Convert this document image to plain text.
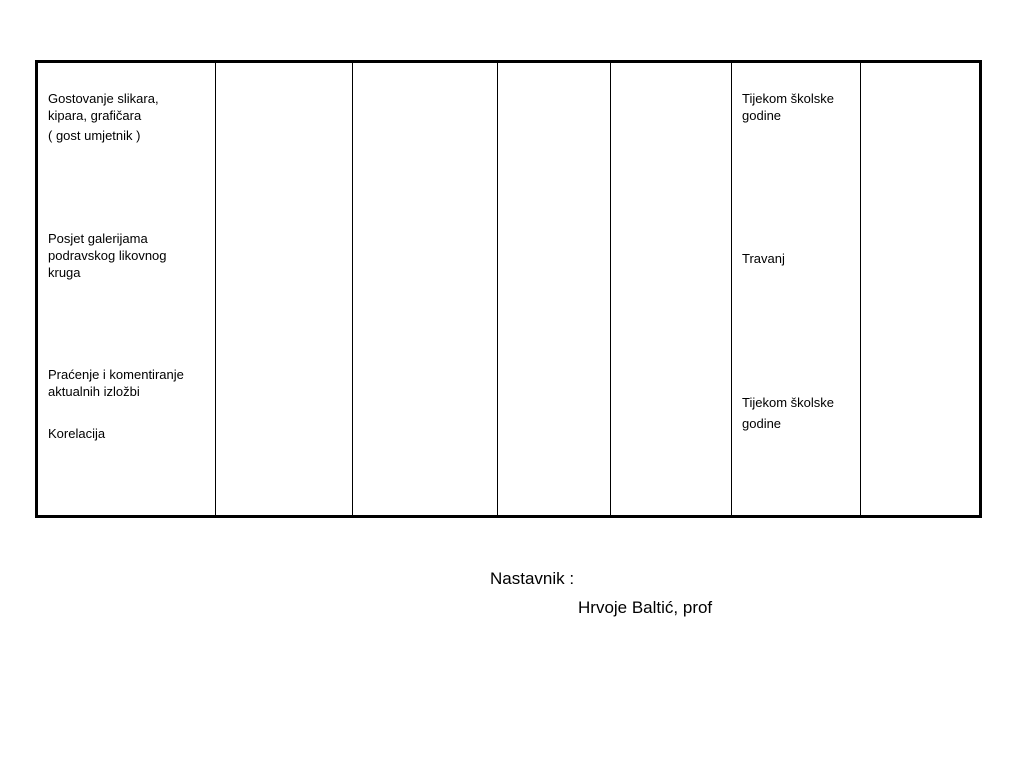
Gostovanje slikara,
kipara, grafičara
( gost umjetnik )
Posjet galerijama
podravskog likovnog
kruga
Praćenje i komentiranje
aktualnih izložbi
Korelacija
Tijekom školske
godine
Travanj
Tijekom školske
godine
Nastavnik :
Hrvoje Baltić, prof
